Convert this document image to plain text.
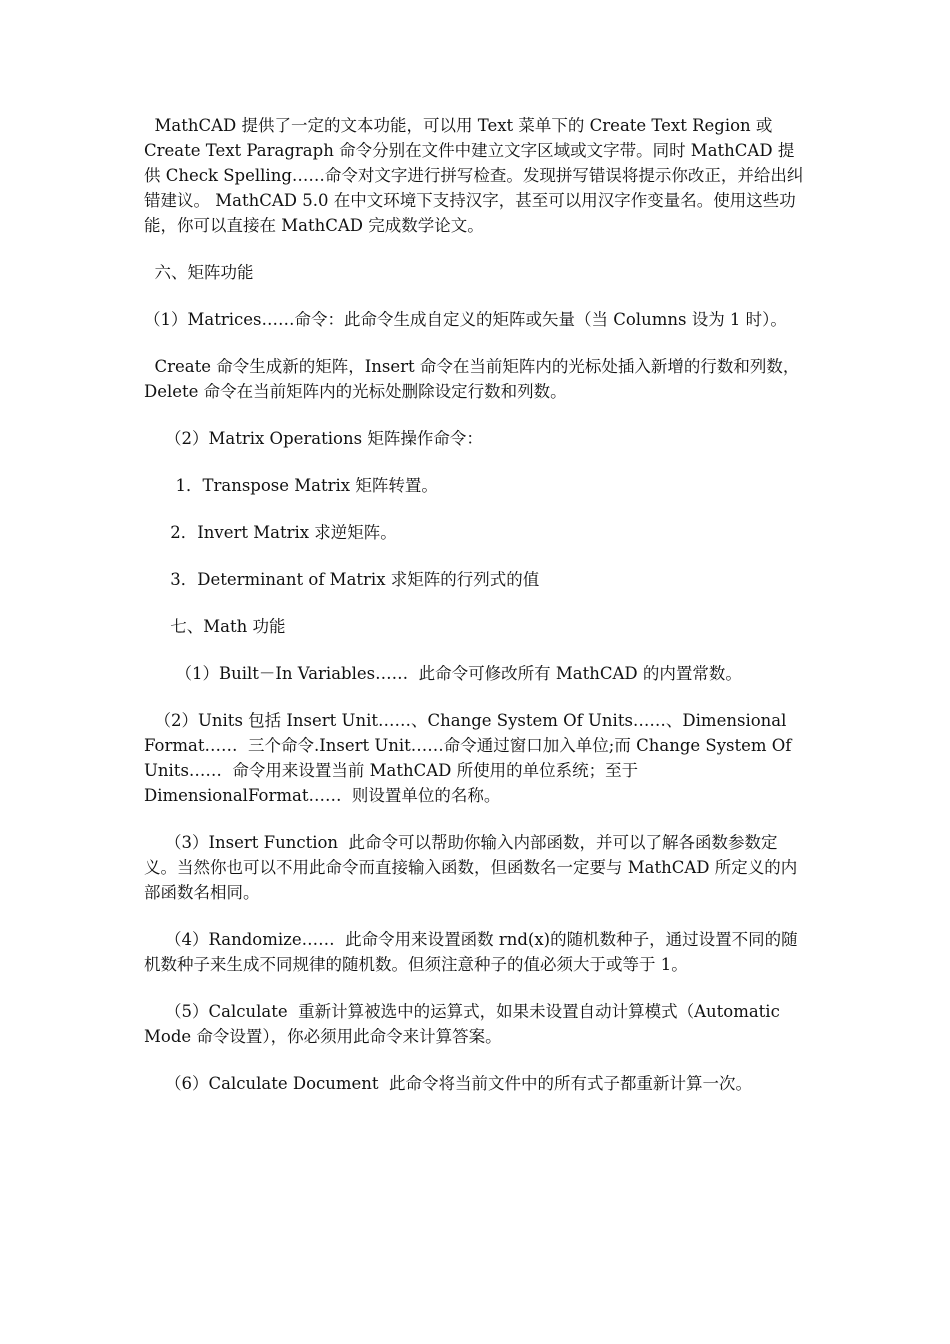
MathCAD 提供了一定的文本功能，可以用 Text 菜单下的 Create Text Region 或 Create Text Paragraph 命令分别在文件中建立文字区域或文字带。同时 MathCAD 提供 Check Spelling……命令对文字进行拼写检查。发现拼写错误将提示你改正，并给出纠错建议。 MathCAD 5.0 在中文环境下支持汉字，甚至可以用汉字作变量名。使用这些功能，你可以直接在 MathCAD 完成数学论文。

六、矩阵功能

（1）Matrices……命令：此命令生成自定义的矩阵或矢量（当 Columns 设为 1 时）。

Create 命令生成新的矩阵，Insert 命令在当前矩阵内的光标处插入新增的行数和列数，Delete 命令在当前矩阵内的光标处删除设定行数和列数。

（2）Matrix Operations 矩阵操作命令：

1．Transpose Matrix 矩阵转置。

2．Invert Matrix 求逆矩阵。

3．Determinant of Matrix 求矩阵的行列式的值

七、Math 功能

（1）Built－In Variables……  此命令可修改所有 MathCAD 的内置常数。

（2）Units 包括 Insert Unit……、Change System Of Units……、Dimensional Format……  三个命令.Insert Unit……命令通过窗口加入单位;而 Change System Of Units……  命令用来设置当前 MathCAD 所使用的单位系统；至于 DimensionalFormat……  则设置单位的名称。

（3）Insert Function  此命令可以帮助你输入内部函数，并可以了解各函数参数定义。当然你也可以不用此命令而直接输入函数，但函数名一定要与 MathCAD 所定义的内部函数名相同。

（4）Randomize……  此命令用来设置函数 rnd(x)的随机数种子，通过设置不同的随机数种子来生成不同规律的随机数。但须注意种子的值必须大于或等于 1。

（5）Calculate  重新计算被选中的运算式，如果未设置自动计算模式（Automatic Mode 命令设置），你必须用此命令来计算答案。

（6）Calculate Document  此命令将当前文件中的所有式子都重新计算一次。
